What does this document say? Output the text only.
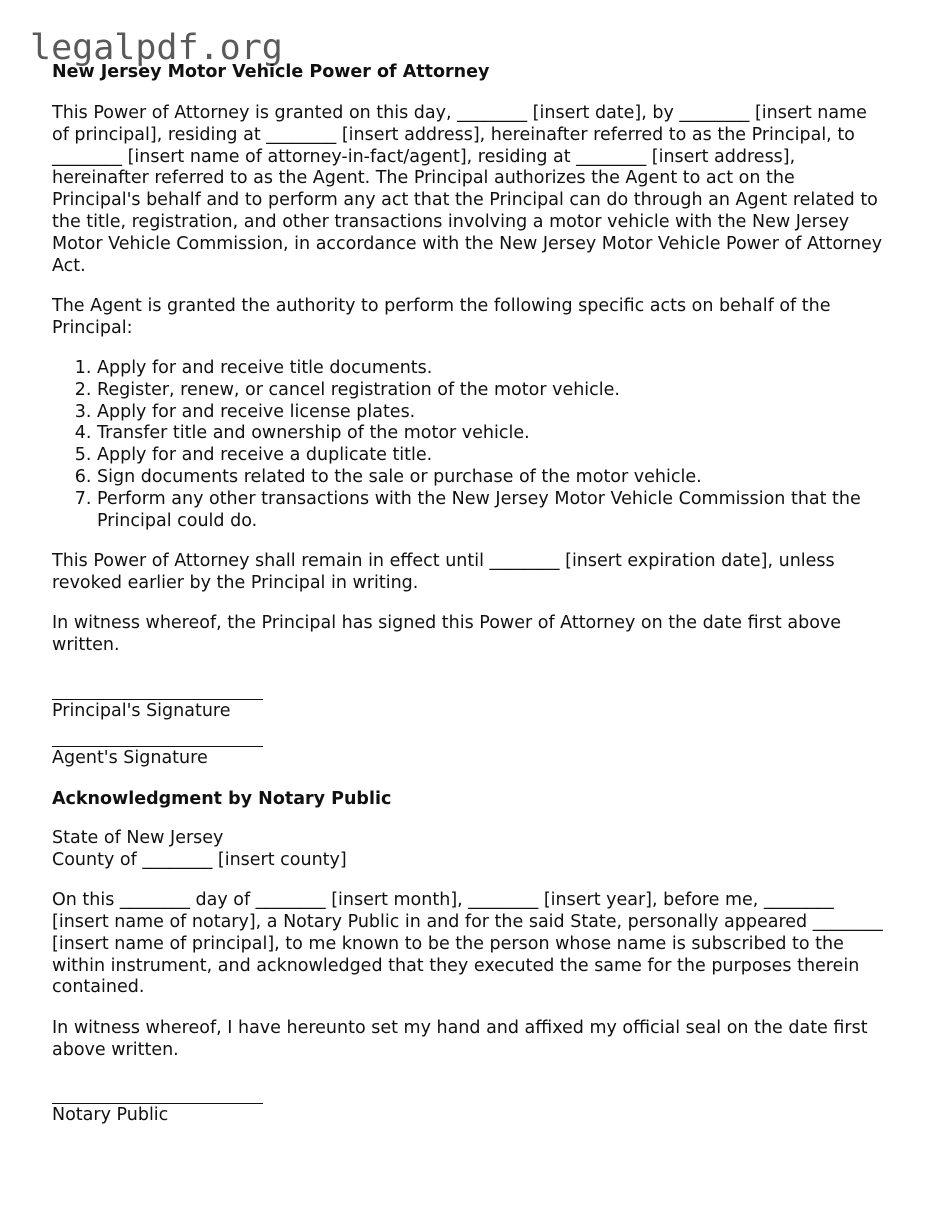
legalpdf.org
New Jersey Motor Vehicle Power of Attorney

This Power of Attorney is granted on this day, ________ [insert date], by ________ [insert name of principal], residing at ________ [insert address], hereinafter referred to as the Principal, to ________ [insert name of attorney-in-fact/agent], residing at ________ [insert address], hereinafter referred to as the Agent. The Principal authorizes the Agent to act on the Principal's behalf and to perform any act that the Principal can do through an Agent related to the title, registration, and other transactions involving a motor vehicle with the New Jersey Motor Vehicle Commission, in accordance with the New Jersey Motor Vehicle Power of Attorney Act.

The Agent is granted the authority to perform the following specific acts on behalf of the Principal:

1. Apply for and receive title documents.
2. Register, renew, or cancel registration of the motor vehicle.
3. Apply for and receive license plates.
4. Transfer title and ownership of the motor vehicle.
5. Apply for and receive a duplicate title.
6. Sign documents related to the sale or purchase of the motor vehicle.
7. Perform any other transactions with the New Jersey Motor Vehicle Commission that the Principal could do.

This Power of Attorney shall remain in effect until ________ [insert expiration date], unless revoked earlier by the Principal in writing.

In witness whereof, the Principal has signed this Power of Attorney on the date first above written.

Principal's Signature
Agent's Signature
Acknowledgment by Notary Public

State of New Jersey

County of ________ [insert county]

On this ________ day of ________ [insert month], ________ [insert year], before me, ________ [insert name of notary], a Notary Public in and for the said State, personally appeared ________ [insert name of principal], to me known to be the person whose name is subscribed to the within instrument, and acknowledged that they executed the same for the purposes therein contained.

In witness whereof, I have hereunto set my hand and affixed my official seal on the date first above written.

Notary Public
